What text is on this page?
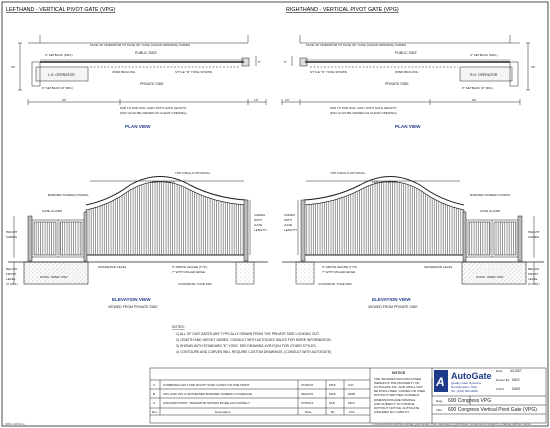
LEFTHAND - VERTICAL PIVOT GATE (VPG)
FACE OF OPERATOR TO FACE OF YOKE (CLEAR OPENING) VARIES
PUBLIC SIDE
3" SETBACK (MIN.)
L.H. OPERATOR
WIND BRACING	STYLE "D" YOKE SHOWN
PRIVATE SIDE
8" SETBACK (8" MIN.)
44"
5"
64"	13"
PAD TO PAD WILL VARY WITH GATE LENGTH
(MAY ALSO BE VIEWED AS CLEAR OPENING)
PLAN VIEW
TOP FINIALS OPTIONAL
LENGTH VARIES
BARRIER SCREEN (HGD/D)
GATE GUARD
HEIGHT
VARIES
VARIES
WITH
GATE
LENGTH
BELOW
FROST
LEVEL
(3' MIN.)
GRADE/PAD LEVEL
CONC. OPER. PAD
5" ABOVE GRADE (TYP.)
7" WITH MILLER EDGE
CONCRETE YOKE PAD
ELEVATION VIEW
VIEWED FROM PRIVATE SIDE
RIGHTHAND - VERTICAL PIVOT GATE (VPG)
FACE OF OPERATOR TO FACE OF YOKE (CLEAR OPENING) VARIES
PUBLIC SIDE	3" SETBACK (MIN.)
R.H. OPERATOR
STYLE "D" YOKE SHOWN	WIND BRACING
PRIVATE SIDE
8" SETBACK (8" MIN.)
44"
5"
64"
13"
PAD TO PAD WILL VARY WITH GATE LENGTH
(MAY ALSO BE VIEWED AS CLEAR OPENING)
PLAN VIEW
TOP FINIALS OPTIONAL
LENGTH VARIES
BARRIER SCREEN (HGD/D)
GATE GUARD
HEIGHT
VARIES
VARIES
WITH
GATE
LENGTH
BELOW
FROST
LEVEL
(3' MIN.)
GRADE/PAD LEVEL
CONC. OPER. PAD
5" ABOVE GRADE (TYP.)
7" WITH MILLER EDGE
CONCRETE YOKE PAD
ELEVATION VIEW
VIEWED FROM PRIVATE SIDE
NOTES:
1) ALL OF OUR GATES ARE TYPICALLY DRAWN FROM THE PRIVATE SIDE LOOKING OUT.
2) LENGTH AND HEIGHT VARIES. CONSULT WITH AUTOGATE SALES FOR MORE INFORMATION.
3) SHOWN WITH STANDARD "E" YOKE. SEE DRAWING #VR-FQ04 FOR OTHER STYLES.
4) CONTOURS AND CURVES WILL REQUIRE CUSTOM DRAWINGS. (CONSULT WITH AUTOGATE)
C	COMBINED LEFT AND RIGHT HAND GATES ON ONE PRINT	07/30/16	MKS	KAY
B	VPG AND VPL & INCREASED BARRIER SCREEN COVERAGE	06/29/15	MKS	DMR
A	UPDATED PRINT, OPERATOR SHOWN MORE ACCURATELY	07/05/13	SLB	MKS
Rev	Description	Date	By	Chk
NOTICE
THE INFORMATION DISCLOSED
HEREIN IS THE PROPERTY OF
AUTOGATE INC. AND SHALL NOT
BE DISCLOSED, COPIED OR USED
WITHOUT WRITTEN CONSENT.
DIMENSIONS ARE NOMINAL
AND SUBJECT TO CHANGE
WITHOUT NOTICE. AUTOGATE
ASSUMES NO LIABILITY.
A AutoGate
Quality Gate Systems
Northampton, Ohio
Tel: (419) 000-0000
Date 4/13/07
Drawn By MKS
Chk'd DMR
Dwg. 600 Congress VPG
Title: 600 Congress Vertical Pivot Gate (VPG)
MISC-DOW-G	© Reproduction without written permission from AutoGate is prohibited. Dimensions subject to change without notice.
